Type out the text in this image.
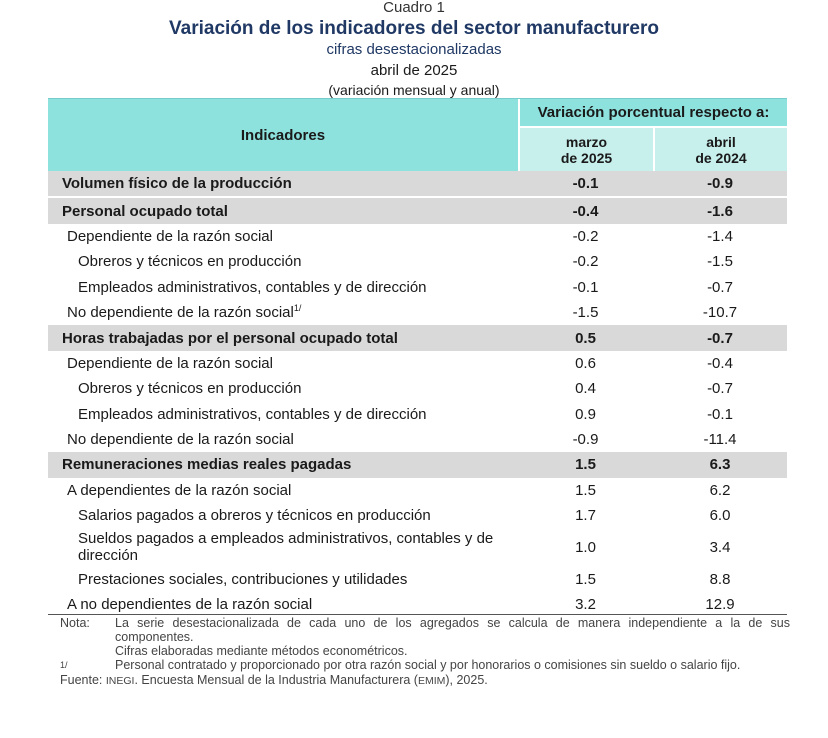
Cuadro 1
Variación de los indicadores del sector manufacturero
cifras desestacionalizadas
abril de 2025
(variación mensual y anual)
Indicadores
Variación porcentual respecto a:
marzo
de 2025
abril
de 2024
Volumen físico de la producción	-0.1	-0.9
Personal ocupado total	-0.4	-1.6
Dependiente de la razón social	-0.2	-1.4
Obreros y técnicos en producción	-0.2	-1.5
Empleados administrativos, contables y de dirección	-0.1	-0.7
No dependiente de la razón social$^{1/}$	-1.5	-10.7
Horas trabajadas por el personal ocupado total	0.5	-0.7
Dependiente de la razón social	0.6	-0.4
Obreros y técnicos en producción	0.4	-0.7
Empleados administrativos, contables y de dirección	0.9	-0.1
No dependiente de la razón social	-0.9	-11.4
Remuneraciones medias reales pagadas	1.5	6.3
A dependientes de la razón social	1.5	6.2
Salarios pagados a obreros y técnicos en producción	1.7	6.0
Sueldos pagados a empleados administrativos, contables y de dirección	1.0	3.4
Prestaciones sociales, contribuciones y utilidades	1.5	8.8
A no dependientes de la razón social	3.2	12.9
Nota: La serie desestacionalizada de cada uno de los agregados se calcula de manera independiente a la de sus componentes.
Cifras elaboradas mediante métodos econométricos.
1/	Personal contratado y proporcionado por otra razón social y por honorarios o comisiones sin sueldo o salario fijo.
Fuente: INEGI. Encuesta Mensual de la Industria Manufacturera (EMIM), 2025.
